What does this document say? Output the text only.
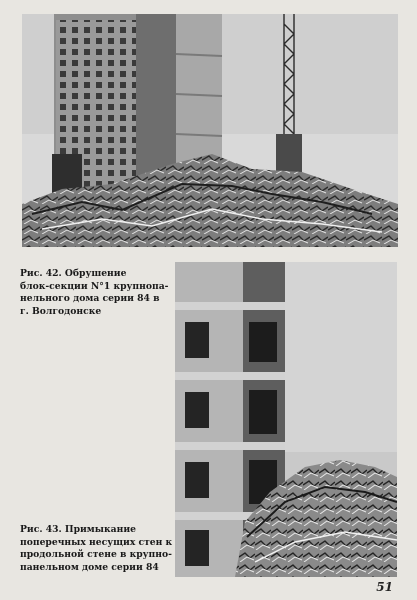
Рис. 42. Обрушение
блок-секции N°1 крупнопа-
нельного дома серии 84 в
г. Волгодонске
Рис. 43. Примыкание
поперечных несущих стен к
продольной стене в крупно-
панельном доме серии 84
51
